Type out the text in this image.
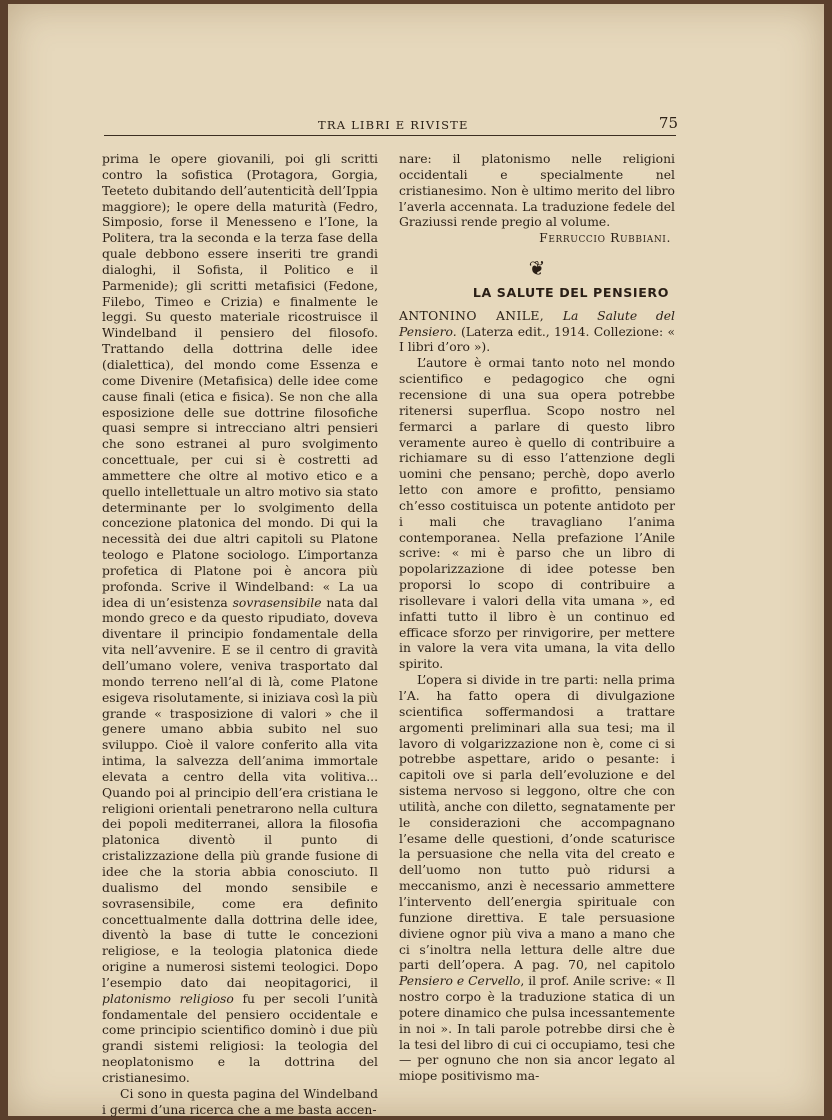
TRA LIBRI E RIVISTE	75

prima le opere giovanili, poi gli scritti contro la sofistica (Protagora, Gorgia, Teeteto dubitando dell’autenticità dell’Ippia maggiore); le opere della maturità (Fedro, Simposio, forse il Menesseno e l’Ione, la Politera, tra la seconda e la terza fase della quale debbono essere inseriti tre grandi dialoghi, il Sofista, il Politico e il Parmenide); gli scritti metafisici (Fedone, Filebo, Timeo e Crizia) e finalmente le leggi. Su questo materiale ricostruisce il Windelband il pensiero del filosofo. Trattando della dottrina delle idee (dialettica), del mondo come Essenza e come Divenire (Metafisica) delle idee come cause finali (etica e fisica). Se non che alla esposizione delle sue dottrine filosofiche quasi sempre si intrecciano altri pensieri che sono estranei al puro svolgimento concettuale, per cui si è costretti ad ammettere che oltre al motivo etico e a quello intellettuale un altro motivo sia stato determinante per lo svolgimento della concezione platonica del mondo. Di qui la necessità dei due altri capitoli su Platone teologo e Platone sociologo. L’importanza profetica di Platone poi è ancora più profonda. Scrive il Windelband: « La ua idea di un’esistenza sovrasensibile nata dal mondo greco e da questo ripudiato, doveva diventare il principio fondamentale della vita nell’avvenire. E se il centro di gravità dell’umano volere, veniva trasportato dal mondo terreno nell’al di là, come Platone esigeva risolutamente, si iniziava così la più grande « trasposizione di valori » che il genere umano abbia subito nel suo sviluppo. Cioè il valore conferito alla vita intima, la salvezza dell’anima immortale elevata a centro della vita volitiva... Quando poi al principio dell’era cristiana le religioni orientali penetrarono nella cultura dei popoli mediterranei, allora la filosofia platonica diventò il punto di cristalizzazione della più grande fusione di idee che la storia abbia conosciuto. Il dualismo del mondo sensibile e sovrasensibile, come era definito concettualmente dalla dottrina delle idee, diventò la base di tutte le concezioni religiose, e la teologia platonica diede origine a numerosi sistemi teologici. Dopo l’esempio dato dai neopitagorici, il platonismo religioso fu per secoli l’unità fondamentale del pensiero occidentale e come principio scientifico dominò i due più grandi sistemi religiosi: la teologia del neoplatonismo e la dottrina del cristianesimo.

Ci sono in questa pagina del Windelband i germi d’una ricerca che a me basta accen-

nare: il platonismo nelle religioni occidentali e specialmente nel cristianesimo. Non è ultimo merito del libro l’averla accennata. La traduzione fedele del Graziussi rende pregio al volume.

Ferruccio Rubbiani.

❦
LA SALUTE DEL PENSIERO

ANTONINO ANILE, La Salute del Pensiero. (Laterza edit., 1914. Collezione: « I libri d’oro »).

L’autore è ormai tanto noto nel mondo scientifico e pedagogico che ogni recensione di una sua opera potrebbe ritenersi superflua. Scopo nostro nel fermarci a parlare di questo libro veramente aureo è quello di contribuire a richiamare su di esso l’attenzione degli uomini che pensano; perchè, dopo averlo letto con amore e profitto, pensiamo ch’esso costituisca un potente antidoto per i mali che travagliano l’anima contemporanea. Nella prefazione l’Anile scrive: « mi è parso che un libro di popolarizzazione di idee potesse ben proporsi lo scopo di contribuire a risollevare i valori della vita umana », ed infatti tutto il libro è un continuo ed efficace sforzo per rinvigorire, per mettere in valore la vera vita umana, la vita dello spirito.

L’opera si divide in tre parti: nella prima l’A. ha fatto opera di divulgazione scientifica soffermandosi a trattare argomenti preliminari alla sua tesi; ma il lavoro di volgarizzazione non è, come ci si potrebbe aspettare, arido o pesante: i capitoli ove si parla dell’evoluzione e del sistema nervoso si leggono, oltre che con utilità, anche con diletto, segnatamente per le considerazioni che accompagnano l’esame delle questioni, d’onde scaturisce la persuasione che nella vita del creato e dell’uomo non tutto può ridursi a meccanismo, anzi è necessario ammettere l’intervento dell’energia spirituale con funzione direttiva. E tale persuasione diviene ognor più viva a mano a mano che ci s’inoltra nella lettura delle altre due parti dell’opera. A pag. 70, nel capitolo Pensiero e Cervello, il prof. Anile scrive: « Il nostro corpo è la traduzione statica di un potere dinamico che pulsa incessantemente in noi ». In tali parole potrebbe dirsi che è la tesi del libro di cui ci occupiamo, tesi che — per ognuno che non sia ancor legato al miope positivismo ma-
